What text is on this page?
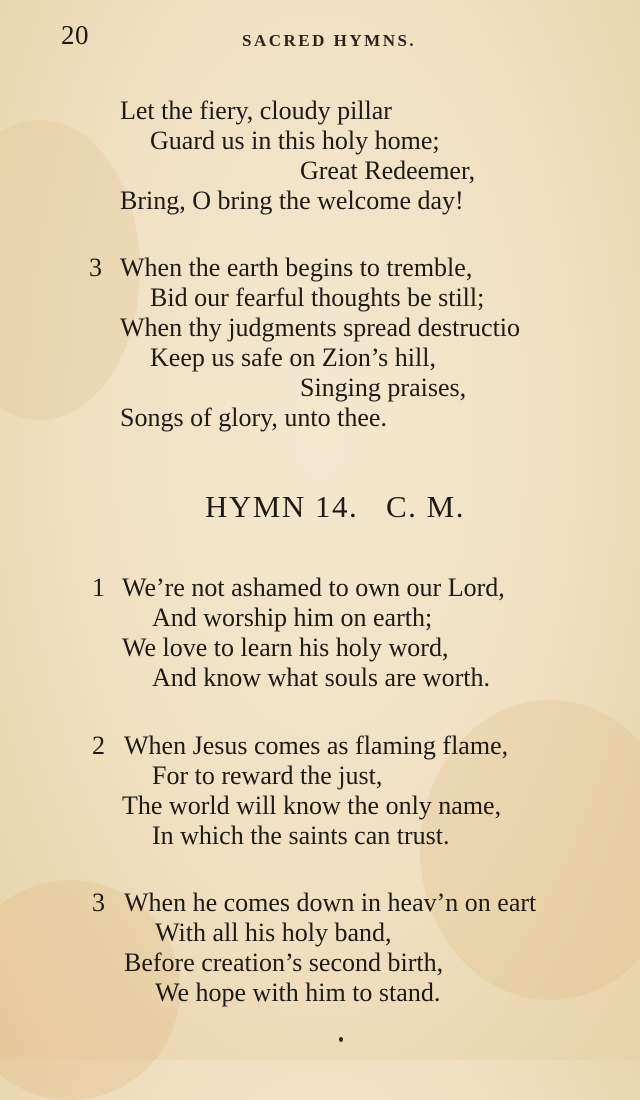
20	SACRED HYMNS.
Let the fiery, cloudy pillar
Guard us in this holy home;
Great Redeemer,
Bring, O bring the welcome day!
3 When the earth begins to tremble,
Bid our fearful thoughts be still;
When thy judgments spread destructio
Keep us safe on Zion’s hill,
Singing praises,
Songs of glory, unto thee.
HYMN 14.   C. M.
1 We’re not ashamed to own our Lord,
And worship him on earth;
We love to learn his holy word,
And know what souls are worth.
2 When Jesus comes as flaming flame,
For to reward the just,
The world will know the only name,
In which the saints can trust.
3 When he comes down in heav’n on eart
With all his holy band,
Before creation’s second birth,
We hope with him to stand.
